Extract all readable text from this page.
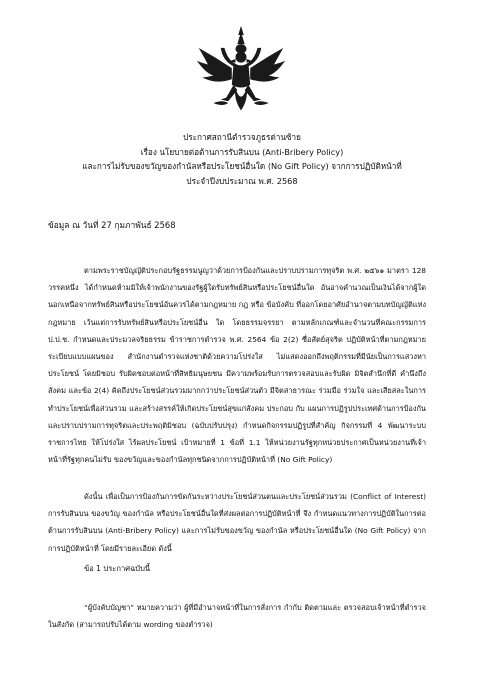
ประกาศสถานีตำรวจภูธรด่านซ้าย
เรื่อง นโยบายต่อต้านการรับสินบน (Anti-Bribery Policy)
และการไม่รับของขวัญของกำนัลหรือประโยชน์อื่นใด (No Gift Policy) จากการปฏิบัติหน้าที่
ประจำปีงบประมาณ พ.ศ. 2568
ข้อมูล ณ วันที่ 27 กุมภาพันธ์ 2568
ตามพระราชบัญญัติประกอบรัฐธรรมนูญว่าด้วยการป้องกันและปราบปรามการทุจริต พ.ศ. ๒๕๖๑ มาตรา 128 วรรคหนึ่ง ได้กำหนดห้ามมิให้เจ้าพนักงานของรัฐผู้ใดรับทรัพย์สินหรือประโยชน์อื่นใด อันอาจคำนวณเป็นเงินได้จากผู้ใด นอกเหนือจากทรัพย์สินหรือประโยชน์อันควรได้ตามกฎหมาย กฎ หรือ ข้อบังคับ ที่ออกโดยอาศัยอำนาจตามบทบัญญัติแห่งกฎหมาย เว้นแต่การรับทรัพย์สินหรือประโยชน์อื่น ใด โดยธรรมจรรยา ตามหลักเกณฑ์และจำนวนที่คณะกรรมการ ป.ป.ช. กำหนดและประมวลจริยธรรม ข้าราชการตำรวจ พ.ศ. 2564 ข้อ 2(2) ซื่อสัตย์สุจริต ปฏิบัติหน้าที่ตามกฎหมาย ระเบียบแบบแผนของ สำนักงานตำรวจแห่งชาติด้วยความโปร่งใส ไม่แสดงออกถึงพฤติกรรมที่มีนัยเป็นการแสวงหาประโยชน์ โดยมิชอบ รับผิดชอบต่อหน้าที่สิทธิมนุษยชน มีความพร้อมรับการตรวจสอบและรับผิด มิจิตสำนึกที่ดี คำนึงถึงสังคม และข้อ 2(4) คิดถึงประโยชน์ส่วนรวมมากกว่าประโยชน์ส่วนตัว มีจิตสาธารณะ ร่วมมือ ร่วมใจ และเสียสละในการทำประโยชน์เพื่อส่วนรวม และสร้างสรรค์ให้เกิดประโยชน์สุขแก่สังคม ประกอบ กับ แผนการปฏิรูปประเทศด้านการป้องกันและปราบปรามการทุจริตและประพฤติมิชอบ (ฉบับปรับปรุง) กำหนดกิจกรรมปฏิรูปที่สำคัญ กิจกรรมที่ 4 พัฒนาระบบราชการไทย ให้โปร่งใส ไร้ผลประโยชน์ เป้าหมายที่ 1 ข้อที่ 1.1 ให้หน่วยงานรัฐทุกหน่วยประกาศเป็นหน่วยงานที่เจ้าหน้าที่รัฐทุกคนไม่รับ ของขวัญและของกำนัลทุกชนิดจากการปฏิบัติหน้าที่ (No Gift Policy)
ดังนั้น เพื่อเป็นการป้องกันการขัดกันระหว่างประโยชน์ส่วนตนและประโยชน์ส่วนรวม (Conflict of Interest) การรับสินบน ของขวัญ ของกำนัล หรือประโยชน์อื่นใดที่ส่งผลต่อการปฏิบัติหน้าที่ จึง กำหนดแนวทางการปฏิบัติในการต่อต้านการรับสินบน (Anti-Bribery Policy) และการไม่รับของขวัญ ของกำนัล หรือประโยชน์อื่นใด (No Gift Policy) จากการปฏิบัติหน้าที่ โดยมีรายละเอียด ดังนี้
ข้อ 1 ประกาศฉบับนี้
“ผู้บังคับบัญชา” หมายความว่า ผู้ที่มีอำนาจหน้าที่ในการสั่งการ กำกับ ติดตามและ ตรวจสอบเจ้าหน้าที่ตำรวจในสังกัด (สามารถปรับได้ตาม wording ของตำรวจ)
